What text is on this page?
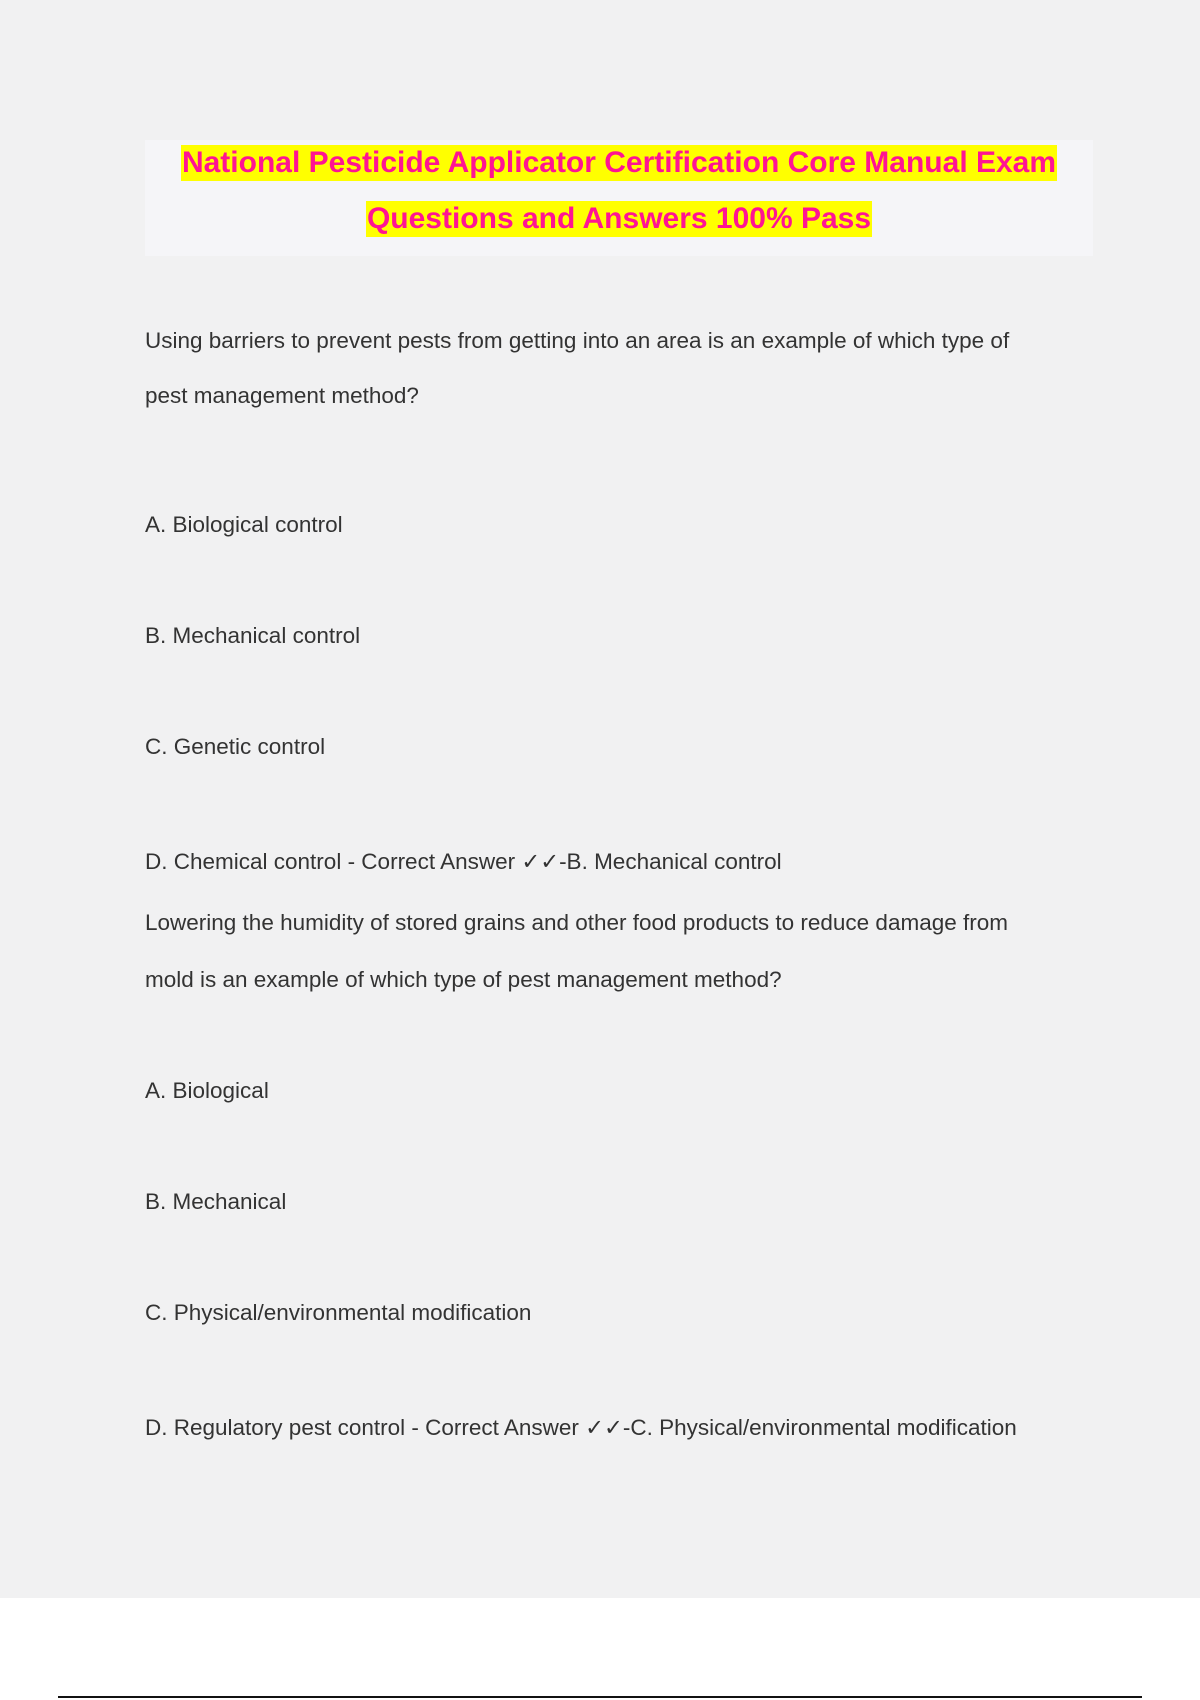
National Pesticide Applicator Certification Core Manual Exam
Questions and Answers 100% Pass
Using barriers to prevent pests from getting into an area is an example of which type of
pest management method?
A. Biological control
B. Mechanical control
C. Genetic control
D. Chemical control - Correct Answer ✓✓-B. Mechanical control
Lowering the humidity of stored grains and other food products to reduce damage from
mold is an example of which type of pest management method?
A. Biological
B. Mechanical
C. Physical/environmental modification
D. Regulatory pest control - Correct Answer ✓✓-C. Physical/environmental modification
